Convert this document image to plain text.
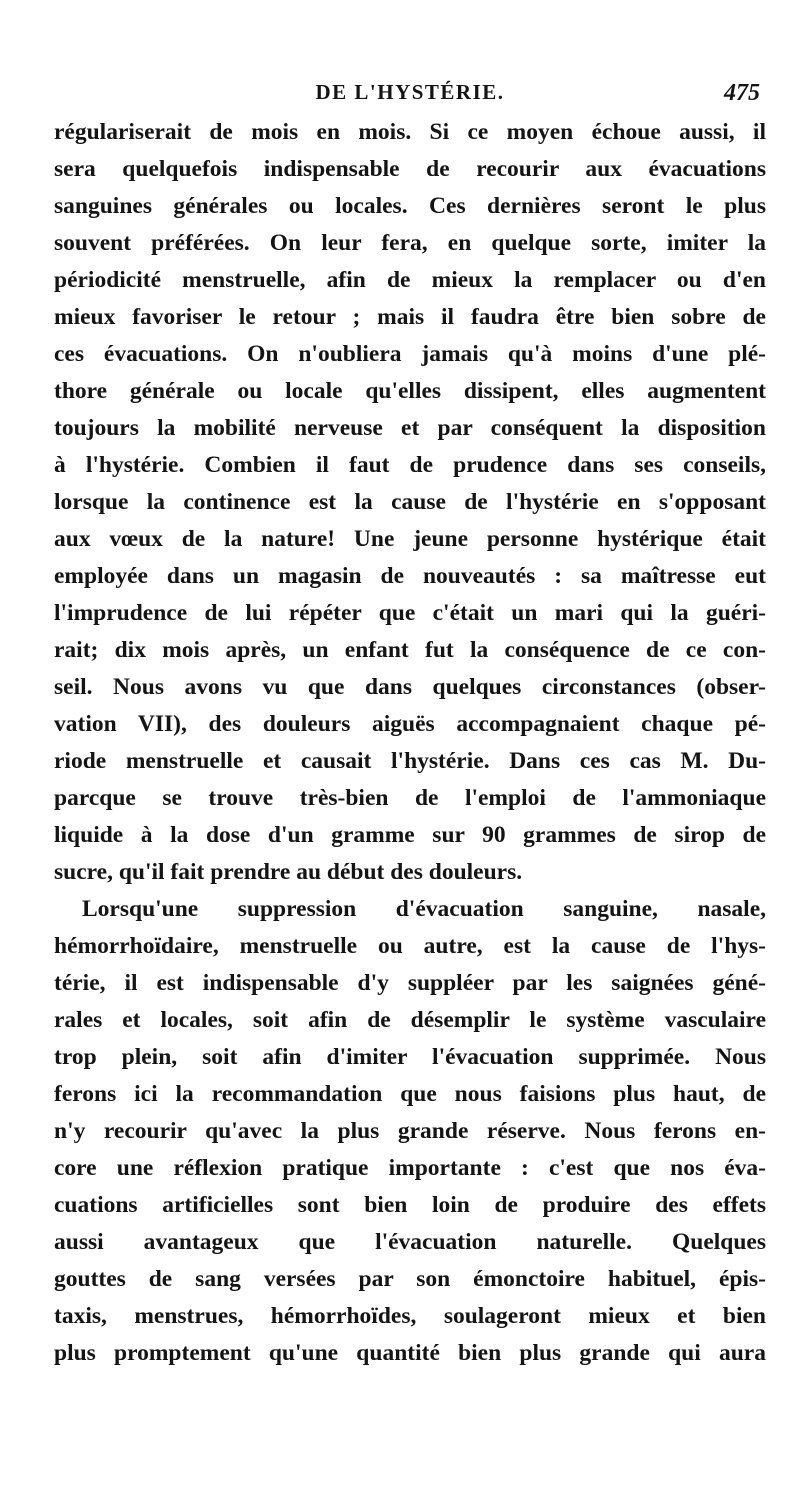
DE L'HYSTÉRIE.	475
régulariserait de mois en mois. Si ce moyen échoue aussi, il
sera quelquefois indispensable de recourir aux évacuations
sanguines générales ou locales. Ces dernières seront le plus
souvent préférées. On leur fera, en quelque sorte, imiter la
périodicité menstruelle, afin de mieux la remplacer ou d'en
mieux favoriser le retour ; mais il faudra être bien sobre de
ces évacuations. On n'oubliera jamais qu'à moins d'une plé-
thore générale ou locale qu'elles dissipent, elles augmentent
toujours la mobilité nerveuse et par conséquent la disposition
à l'hystérie. Combien il faut de prudence dans ses conseils,
lorsque la continence est la cause de l'hystérie en s'opposant
aux vœux de la nature! Une jeune personne hystérique était
employée dans un magasin de nouveautés : sa maîtresse eut
l'imprudence de lui répéter que c'était un mari qui la guéri-
rait; dix mois après, un enfant fut la conséquence de ce con-
seil. Nous avons vu que dans quelques circonstances (obser-
vation VII), des douleurs aiguës accompagnaient chaque pé-
riode menstruelle et causait l'hystérie. Dans ces cas M. Du-
parcque se trouve très-bien de l'emploi de l'ammoniaque
liquide à la dose d'un gramme sur 90 grammes de sirop de
sucre, qu'il fait prendre au début des douleurs.
Lorsqu'une suppression d'évacuation sanguine, nasale,
hémorrhoïdaire, menstruelle ou autre, est la cause de l'hys-
térie, il est indispensable d'y suppléer par les saignées géné-
rales et locales, soit afin de désemplir le système vasculaire
trop plein, soit afin d'imiter l'évacuation supprimée. Nous
ferons ici la recommandation que nous faisions plus haut, de
n'y recourir qu'avec la plus grande réserve. Nous ferons en-
core une réflexion pratique importante : c'est que nos éva-
cuations artificielles sont bien loin de produire des effets
aussi avantageux que l'évacuation naturelle. Quelques
gouttes de sang versées par son émonctoire habituel, épis-
taxis, menstrues, hémorrhoïdes, soulageront mieux et bien
plus promptement qu'une quantité bien plus grande qui aura
